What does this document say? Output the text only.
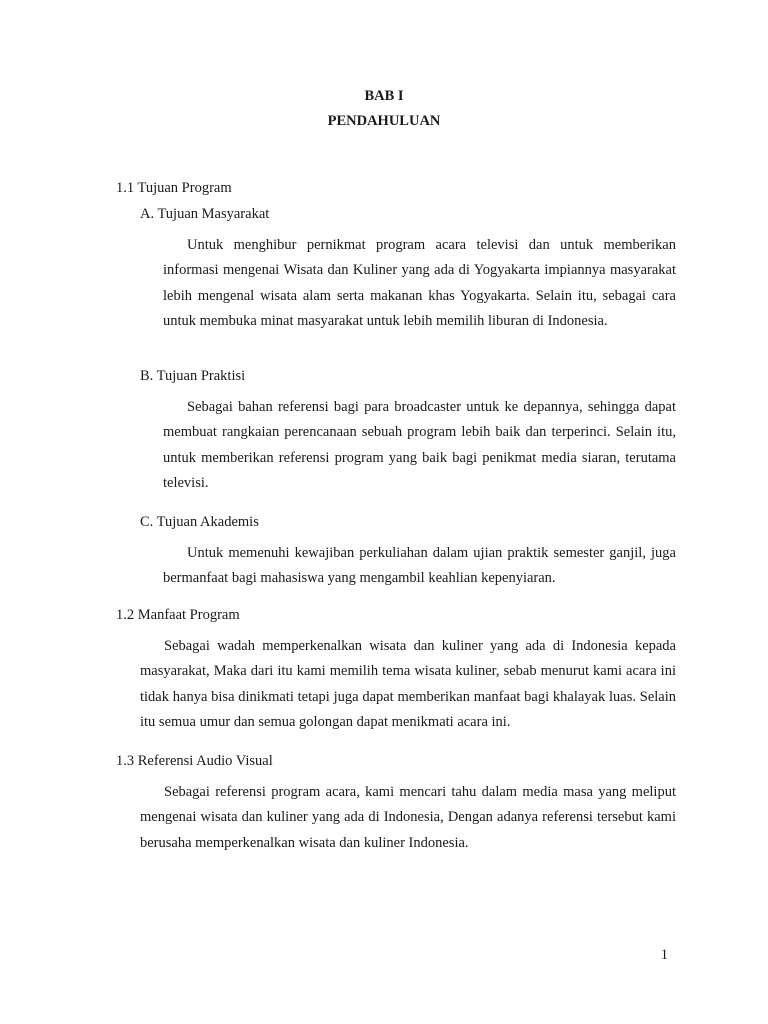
BAB I
PENDAHULUAN
1.1 Tujuan Program
A. Tujuan Masyarakat
Untuk menghibur pernikmat program acara televisi dan untuk memberikan informasi mengenai Wisata dan Kuliner yang ada di Yogyakarta impiannya masyarakat lebih mengenal wisata alam serta makanan khas Yogyakarta. Selain itu, sebagai cara untuk membuka minat masyarakat untuk lebih memilih liburan di Indonesia.
B. Tujuan Praktisi
Sebagai bahan referensi bagi para broadcaster untuk ke depannya, sehingga dapat membuat rangkaian perencanaan sebuah program lebih baik dan terperinci. Selain itu, untuk memberikan referensi program yang baik bagi penikmat media siaran, terutama televisi.
C. Tujuan Akademis
Untuk memenuhi kewajiban perkuliahan dalam ujian praktik semester ganjil, juga bermanfaat bagi mahasiswa yang mengambil keahlian kepenyiaran.
1.2 Manfaat Program
Sebagai wadah memperkenalkan wisata dan kuliner yang ada di Indonesia kepada masyarakat, Maka dari itu kami memilih tema wisata kuliner, sebab menurut kami acara ini tidak hanya bisa dinikmati tetapi juga dapat memberikan manfaat bagi khalayak luas. Selain itu semua umur dan semua golongan dapat menikmati acara ini.
1.3 Referensi Audio Visual
Sebagai referensi program acara, kami mencari tahu dalam media masa yang meliput mengenai wisata dan kuliner yang ada di Indonesia, Dengan adanya referensi tersebut kami berusaha memperkenalkan wisata dan kuliner Indonesia.
1
